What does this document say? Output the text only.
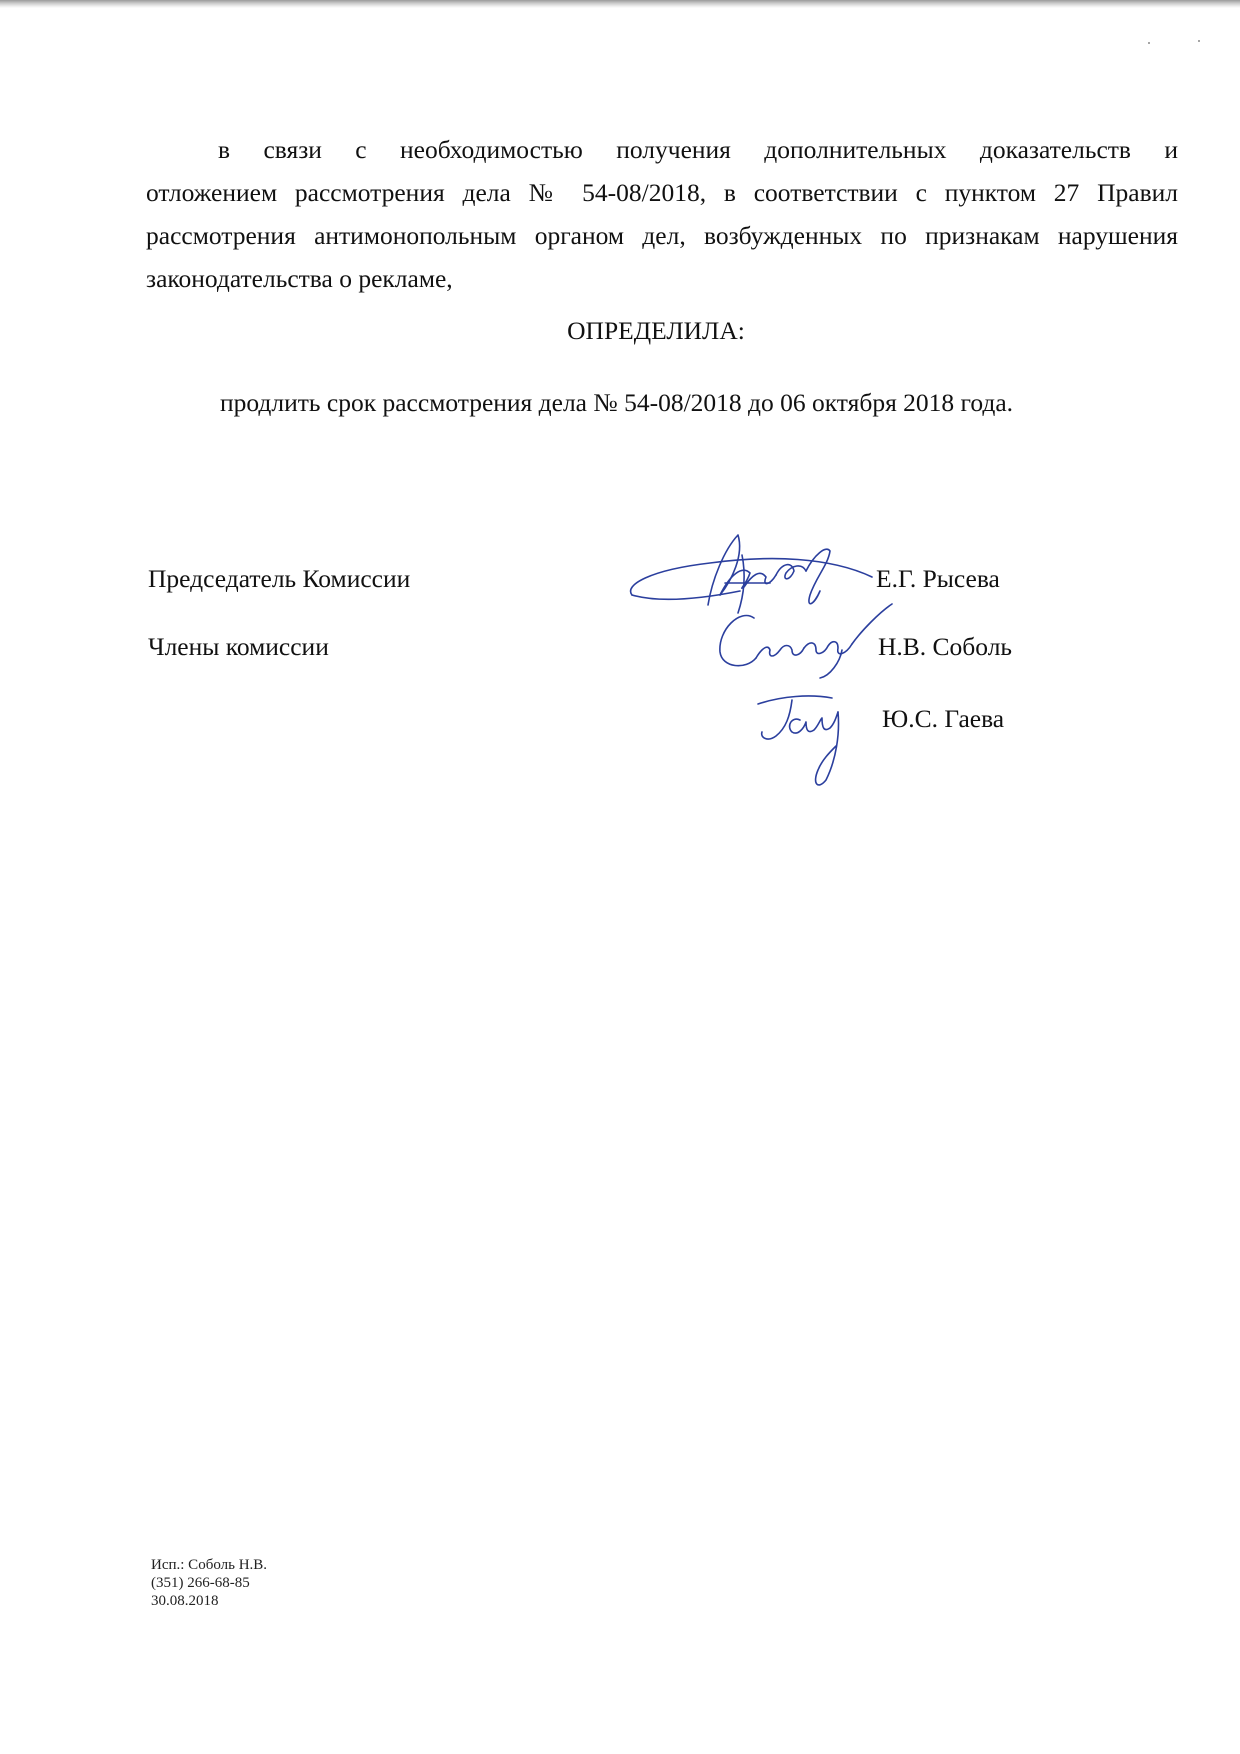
в связи с необходимостью получения дополнительных доказательств и
отложением рассмотрения дела № 54-08/2018, в соответствии с пунктом 27 Правил
рассмотрения антимонопольным органом дел, возбужденных по признакам нарушения
законодательства о рекламе,
ОПРЕДЕЛИЛА:
продлить срок рассмотрения дела № 54-08/2018 до 06 октября 2018 года.
Председатель Комиссии
Члены комиссии
Е.Г. Рысева
Н.В. Соболь
Ю.С. Гаева
Исп.: Соболь Н.В.
(351) 266-68-85
30.08.2018
